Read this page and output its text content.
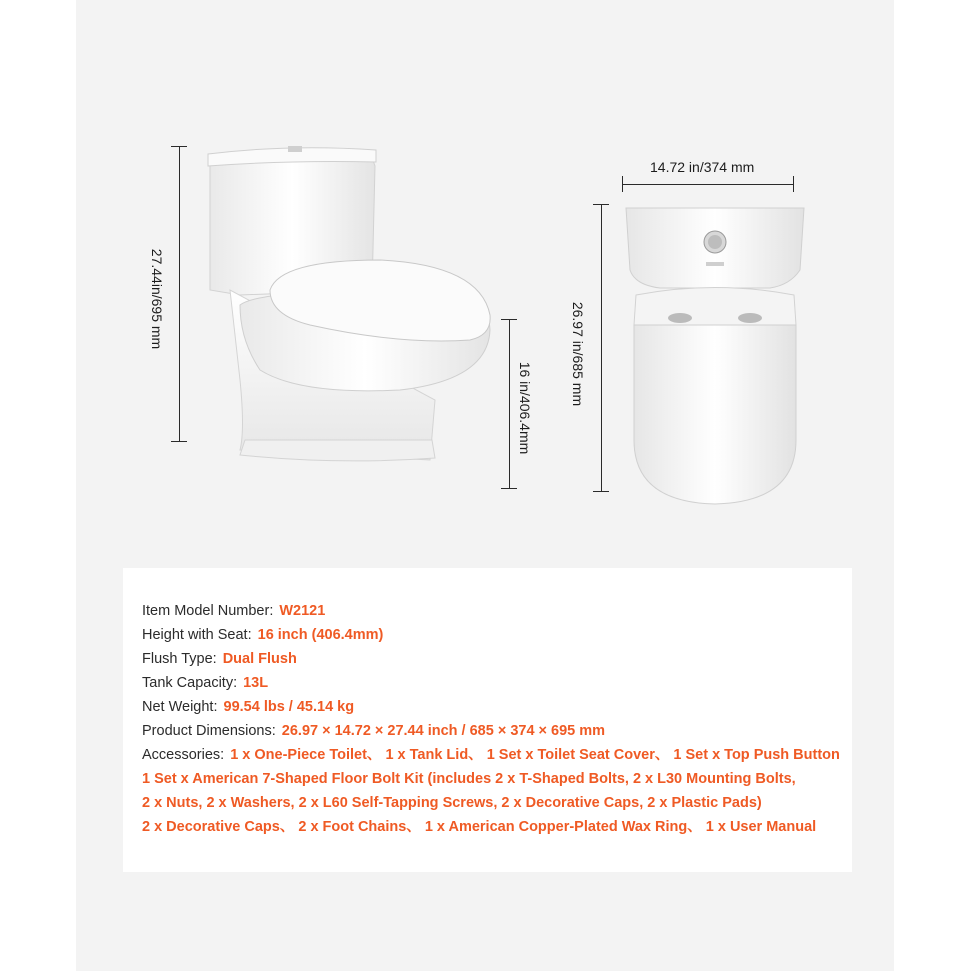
27.44in/695 mm
16 in/406.4mm
14.72 in/374 mm
26.97 in/685 mm
Item Model Number: W2121
Height with Seat: 16 inch (406.4mm)
Flush Type: Dual Flush
Tank Capacity: 13L
Net Weight: 99.54 lbs / 45.14 kg
Product Dimensions: 26.97 × 14.72 × 27.44 inch / 685 × 374 × 695 mm
Accessories: 1 x One-Piece Toilet、 1 x Tank Lid、 1 Set x Toilet Seat Cover、 1 Set x Top Push Button
1 Set x American 7-Shaped Floor Bolt Kit (includes 2 x T-Shaped Bolts, 2 x L30 Mounting Bolts,
2 x Nuts, 2 x Washers, 2 x L60 Self-Tapping Screws, 2 x Decorative Caps, 2 x Plastic Pads)
2 x Decorative Caps、 2 x Foot Chains、 1 x American Copper-Plated Wax Ring、 1 x User Manual
